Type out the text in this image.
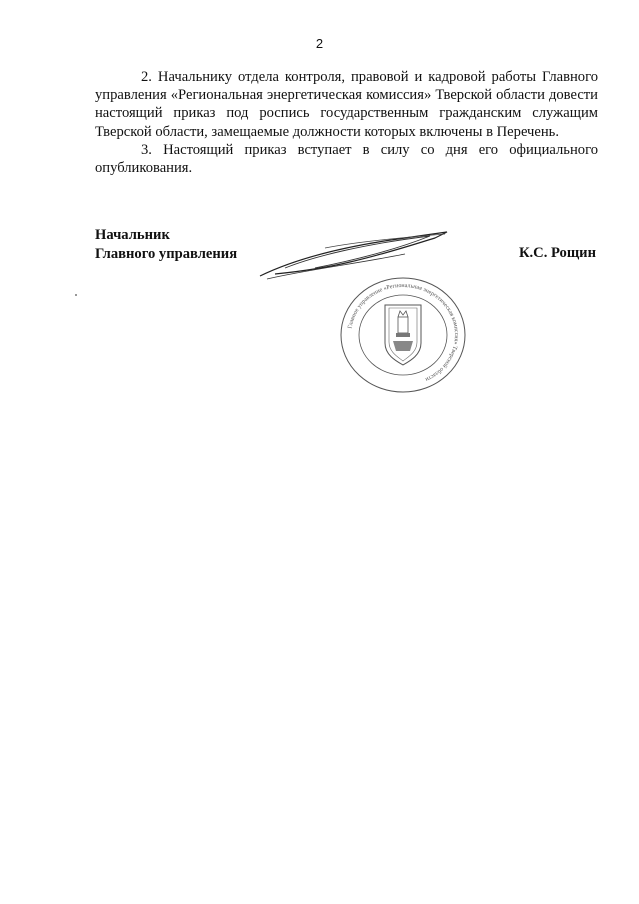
2

2. Начальнику отдела контроля, правовой и кадровой работы Главного управления «Региональная энергетическая комиссия» Тверской области довести настоящий приказ под роспись государственным гражданским служащим Тверской области, замещаемые должности которых включены в Перечень.

3. Настоящий приказ вступает в силу со дня его официального опубликования.

Начальник
Главного управления	К.С. Рощин
Главное управление «Региональная энергетическая комиссия» Тверской области
